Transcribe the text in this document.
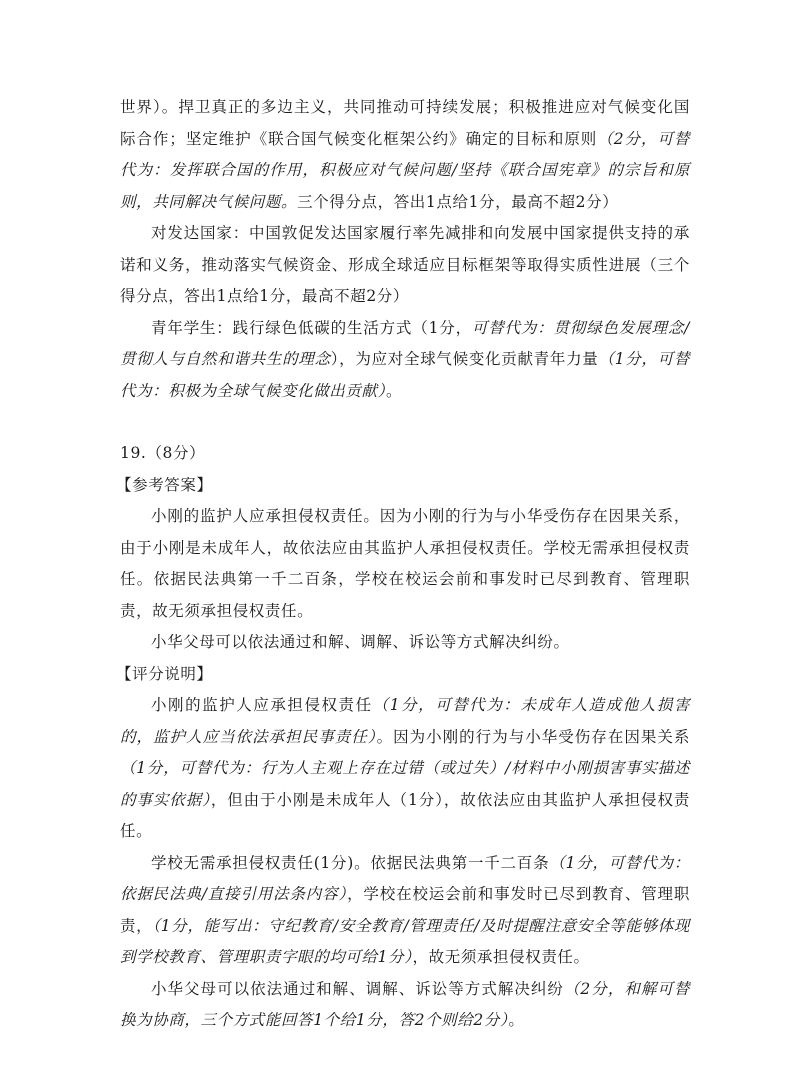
世界）。捍卫真正的多边主义，共同推动可持续发展；积极推进应对气候变化国际合作；坚定维护《联合国气候变化框架公约》确定的目标和原则（2分，可替代为：发挥联合国的作用，积极应对气候问题/坚持《联合国宪章》的宗旨和原则，共同解决气候问题。三个得分点，答出1点给1分，最高不超2分）

对发达国家：中国敦促发达国家履行率先减排和向发展中国家提供支持的承诺和义务，推动落实气候资金、形成全球适应目标框架等取得实质性进展（三个得分点，答出1点给1分，最高不超2分）

青年学生：践行绿色低碳的生活方式（1分，可替代为：贯彻绿色发展理念/贯彻人与自然和谐共生的理念），为应对全球气候变化贡献青年力量（1分，可替代为：积极为全球气候变化做出贡献）。

19.（8分）

【参考答案】

小刚的监护人应承担侵权责任。因为小刚的行为与小华受伤存在因果关系，由于小刚是未成年人，故依法应由其监护人承担侵权责任。学校无需承担侵权责任。依据民法典第一千二百条，学校在校运会前和事发时已尽到教育、管理职责，故无须承担侵权责任。

小华父母可以依法通过和解、调解、诉讼等方式解决纠纷。

【评分说明】

小刚的监护人应承担侵权责任（1分，可替代为：未成年人造成他人损害的，监护人应当依法承担民事责任）。因为小刚的行为与小华受伤存在因果关系（1分，可替代为：行为人主观上存在过错（或过失）/材料中小刚损害事实描述的事实依据），但由于小刚是未成年人（1分），故依法应由其监护人承担侵权责任。

学校无需承担侵权责任(1分)。依据民法典第一千二百条（1分，可替代为：依据民法典/直接引用法条内容），学校在校运会前和事发时已尽到教育、管理职责，（1分，能写出：守纪教育/安全教育/管理责任/及时提醒注意安全等能够体现到学校教育、管理职责字眼的均可给1分），故无须承担侵权责任。

小华父母可以依法通过和解、调解、诉讼等方式解决纠纷（2分，和解可替换为协商，三个方式能回答1个给1分，答2个则给2分）。
